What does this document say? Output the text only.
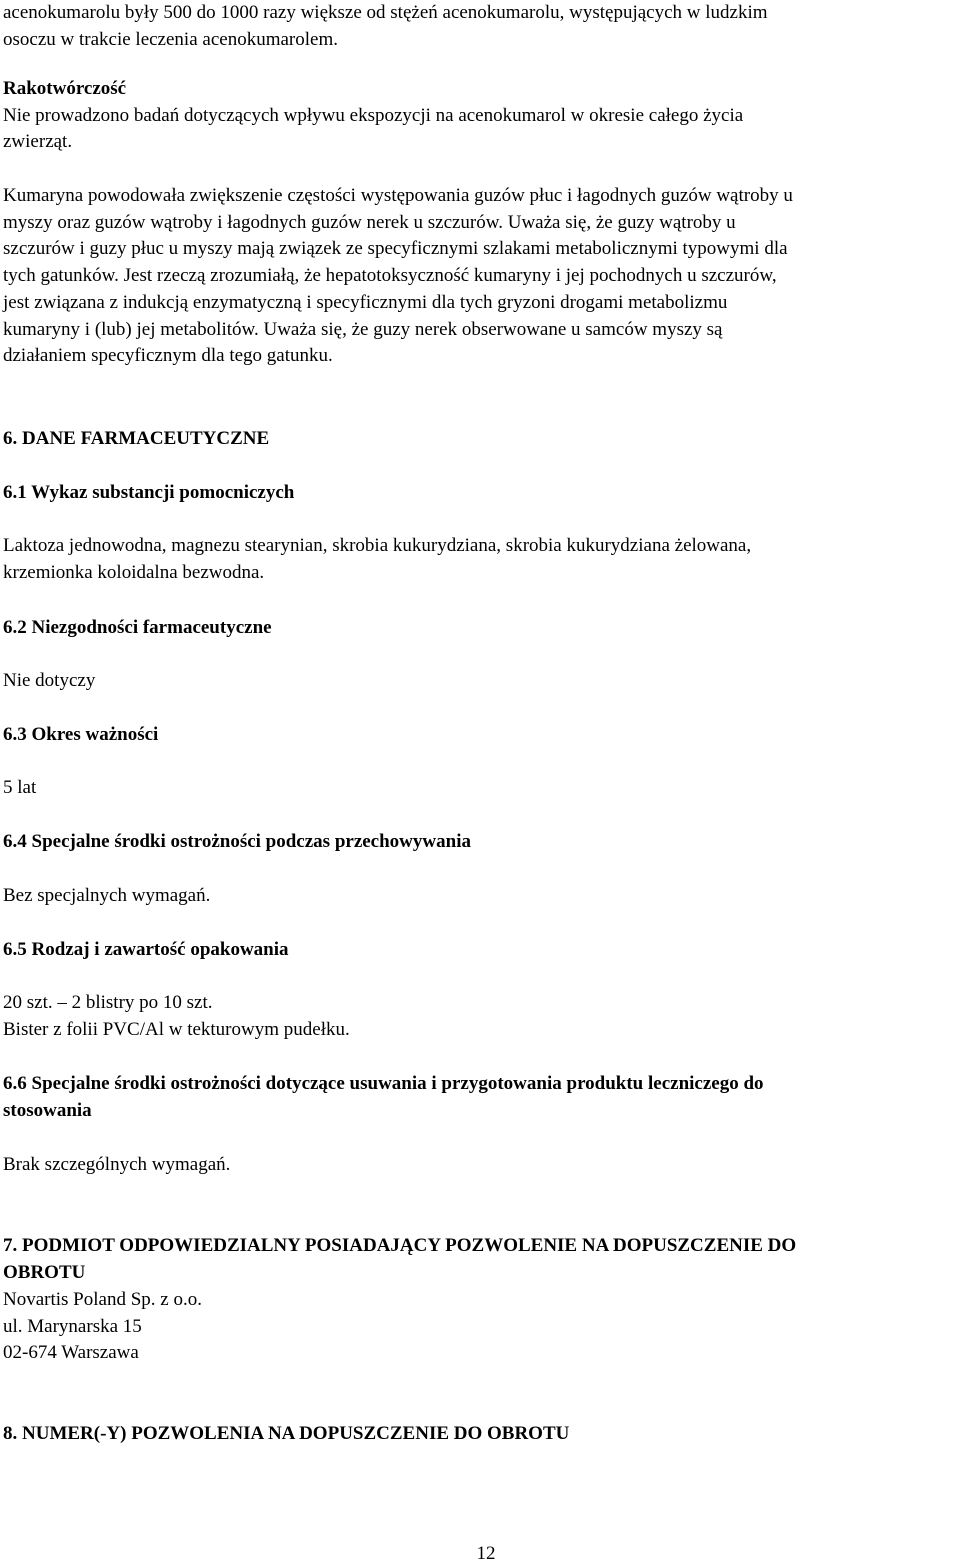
acenokumarolu były 500 do 1000 razy większe od stężeń acenokumarolu, występujących w ludzkim
osoczu w trakcie leczenia acenokumarolem.
Rakotwórczość
Nie prowadzono badań dotyczących wpływu ekspozycji na acenokumarol w okresie całego życia
zwierząt.
Kumaryna powodowała zwiększenie częstości występowania guzów płuc i łagodnych guzów wątroby u
myszy oraz guzów wątroby i łagodnych guzów nerek u szczurów. Uważa się, że guzy wątroby u
szczurów i guzy płuc u myszy mają związek ze specyficznymi szlakami metabolicznymi typowymi dla
tych gatunków. Jest rzeczą zrozumiałą, że hepatotoksyczność kumaryny i jej pochodnych u szczurów,
jest związana z indukcją enzymatyczną i specyficznymi dla tych gryzoni drogami metabolizmu
kumaryny i (lub) jej metabolitów. Uważa się, że guzy nerek obserwowane u samców myszy są
działaniem specyficznym dla tego gatunku.
6. DANE FARMACEUTYCZNE
6.1 Wykaz substancji pomocniczych
Laktoza jednowodna, magnezu stearynian, skrobia kukurydziana, skrobia kukurydziana żelowana,
krzemionka koloidalna bezwodna.
6.2 Niezgodności farmaceutyczne
Nie dotyczy
6.3 Okres ważności
5 lat
6.4 Specjalne środki ostrożności podczas przechowywania
Bez specjalnych wymagań.
6.5 Rodzaj i zawartość opakowania
20 szt. – 2 blistry po 10 szt.
Bister z folii PVC/Al w tekturowym pudełku.
6.6 Specjalne środki ostrożności dotyczące usuwania i przygotowania produktu leczniczego do
stosowania
Brak szczególnych wymagań.
7. PODMIOT ODPOWIEDZIALNY POSIADAJĄCY POZWOLENIE NA DOPUSZCZENIE DO
OBROTU
Novartis Poland Sp. z o.o.
ul. Marynarska 15
02-674 Warszawa
8. NUMER(-Y) POZWOLENIA NA DOPUSZCZENIE DO OBROTU
12
